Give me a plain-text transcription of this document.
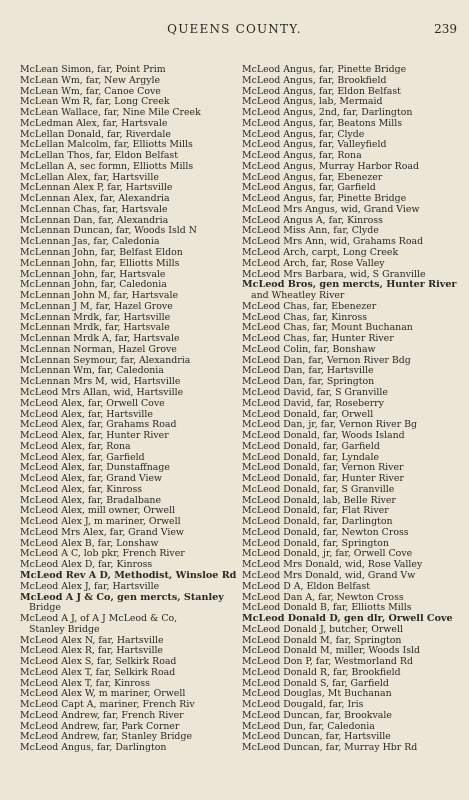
QUEENS COUNTY.	239
McLean Simon, far, Point Prim
McLean Wm, far, New Argyle
McLean Wm, far, Canoe Cove
McLean Wm R, far, Long Creek
McLean Wallace, far, Nine Mile Creek
McLedman Alex, far, Hartsvale
McLellan Donald, far, Riverdale
McLellan Malcolm, far, Elliotts Mills
McLellan Thos, far, Eldon Belfast
McLellan A, sec formn, Elliotts Mills
McLellan Alex, far, Hartsville
McLennan Alex P, far, Hartsville
McLennan Alex, far, Alexandria
McLennan Chas, far, Hartsvale
McLennan Dan, far, Alexandria
McLennan Duncan, far, Woods Isld N
McLennan Jas, far, Caledonia
McLennan John, far, Belfast Eldon
McLennan John, far, Elliotts Mills
McLennan John, far, Hartsvale
McLennan John, far, Caledonia
McLennan John M, far, Hartsvale
McLennan J M, far, Hazel Grove
McLennan Mrdk, far, Hartsville
McLennan Mrdk, far, Hartsvale
McLennan Mrdk A, far, Hartsvale
McLennan Norman, Hazel Grove
McLennan Seymour, far, Alexandria
McLennan Wm, far, Caledonia
McLennan Mrs M, wid, Hartsville
McLeod Mrs Allan, wid, Hartsville
McLeod Alex, far, Orwell Cove
McLeod Alex, far, Hartsville
McLeod Alex, far, Grahams Road
McLeod Alex, far, Hunter River
McLeod Alex, far, Rona
McLeod Alex, far, Garfield
McLeod Alex, far, Dunstaffnage
McLeod Alex, far, Grand View
McLeod Alex, far, Kinross
McLeod Alex, far, Bradalbane
McLeod Alex, mill owner, Orwell
McLeod Alex J, m mariner, Orwell
McLeod Mrs Alex, far, Grand View
McLeod Alex B, far, Lonshaw
McLeod A C, lob pkr, French River
McLeod Alex D, far, Kinross
McLeod Rev A D, Methodist, Winsloe Rd
McLeod Alex J, far, Hartsville
McLeod A J & Co, gen mercts, Stanley
Bridge
McLeod A J, of A J McLeod & Co,
Stanley Bridge
McLeod Alex N, far, Hartsville
McLeod Alex R, far, Hartsville
McLeod Alex S, far, Selkirk Road
McLeod Alex T, far, Selkirk Road
McLeod Alex T, far, Kinross
McLeod Alex W, m mariner, Orwell
McLeod Capt A, mariner, French Riv
McLeod Andrew, far, French River
McLeod Andrew, far, Park Corner
McLeod Andrew, far, Stanley Bridge
McLeod Angus, far, Darlington
McLeod Angus, far, Pinette Bridge
McLeod Angus, far, Brookfield
McLeod Angus, far, Eldon Belfast
McLeod Angus, lab, Mermaid
McLeod Angus, 2nd, far, Darlington
McLeod Angus, far, Beatons Mills
McLeod Angus, far, Clyde
McLeod Angus, far, Valleyfield
McLeod Angus, far, Rona
McLeod Angus, Murray Harbor Road
McLeod Angus, far, Ebenezer
McLeod Angus, far, Garfield
McLeod Angus, far, Pinette Bridge
McLeod Mrs Angus, wid, Grand View
McLeod Angus A, far, Kinross
McLeod Miss Ann, far, Clyde
McLeod Mrs Ann, wid, Grahams Road
McLeod Arch, carpt, Long Creek
McLeod Arch, far, Rose Valley
McLeod Mrs Barbara, wid, S Granville
McLeod Bros, gen mercts, Hunter River
and Wheatley River
McLeod Chas, far, Ebenezer
McLeod Chas, far, Kinross
McLeod Chas, far, Mount Buchanan
McLeod Chas, far, Hunter River
McLeod Colin, far, Bonshaw
McLeod Dan, far, Vernon River Bdg
McLeod Dan, far, Hartsville
McLeod Dan, far, Springton
McLeod David, far, S Granville
McLeod David, far, Roseberry
McLeod Donald, far, Orwell
McLeod Dan, jr, far, Vernon River Bg
McLeod Donald, far, Woods Island
McLeod Donald, far, Garfield
McLeod Donald, far, Lyndale
McLeod Donald, far, Vernon River
McLeod Donald, far, Hunter River
McLeod Donald, far, S Granville
McLeod Donald, lab, Belle River
McLeod Donald, far, Flat River
McLeod Donald, far, Darlington
McLeod Donald, far, Newton Cross
McLeod Donald, far, Springton
McLeod Donald, jr, far, Orwell Cove
McLeod Mrs Donald, wid, Rose Valley
McLeod Mrs Donald, wid, Grand Vw
McLeod D A, Eldon Belfast
McLeod Dan A, far, Newton Cross
McLeod Donald B, far, Elliotts Mills
McLeod Donald D, gen dlr, Orwell Cove
McLeod Donald J, butcher, Orwell
McLeod Donald M, far, Springton
McLeod Donald M, miller, Woods Isld
McLeod Don P, far, Westmorland Rd
McLeod Donald R, far, Brookfield
McLeod Donald S, far, Garfield
McLeod Douglas, Mt Buchanan
McLeod Dougald, far, Iris
McLeod Duncan, far, Brookvale
McLeod Dun, far, Caledonia
McLeod Duncan, far, Hartsville
McLeod Duncan, far, Murray Hbr Rd
